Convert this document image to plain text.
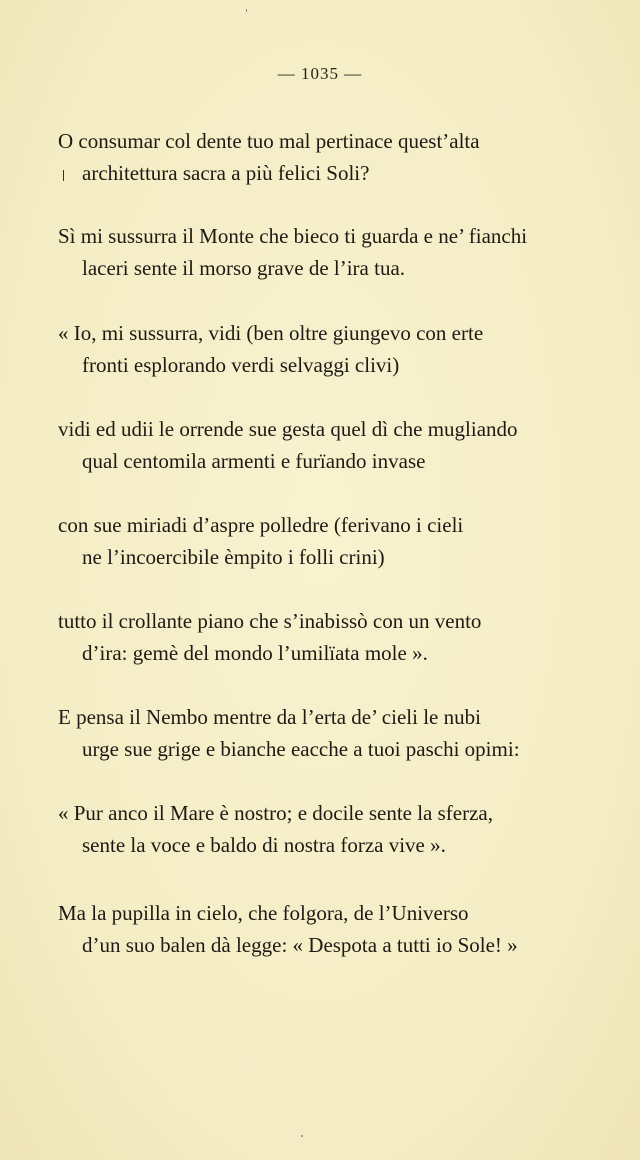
— 1035 —
O consumar col dente tuo mal pertinace quest’alta
architettura sacra a più felici Soli?
Sì mi sussurra il Monte che bieco ti guarda e ne’ fianchi
laceri sente il morso grave de l’ira tua.
« Io, mi sussurra, vidi (ben oltre giungevo con erte
fronti esplorando verdi selvaggi clivi)
vidi ed udii le orrende sue gesta quel dì che mugliando
qual centomila armenti e furïando invase
con sue miriadi d’aspre polledre (ferivano i cieli
ne l’incoercibile èmpito i folli crini)
tutto il crollante piano che s’inabissò con un vento
d’ira: gemè del mondo l’umilïata mole ».
E pensa il Nembo mentre da l’erta de’ cieli le nubi
urge sue grige e bianche eacche a tuoi paschi opimi:
« Pur anco il Mare è nostro; e docile sente la sferza,
sente la voce e baldo di nostra forza vive ».
Ma la pupilla in cielo, che folgora, de l’Universo
d’un suo balen dà legge: « Despota a tutti io Sole! »
